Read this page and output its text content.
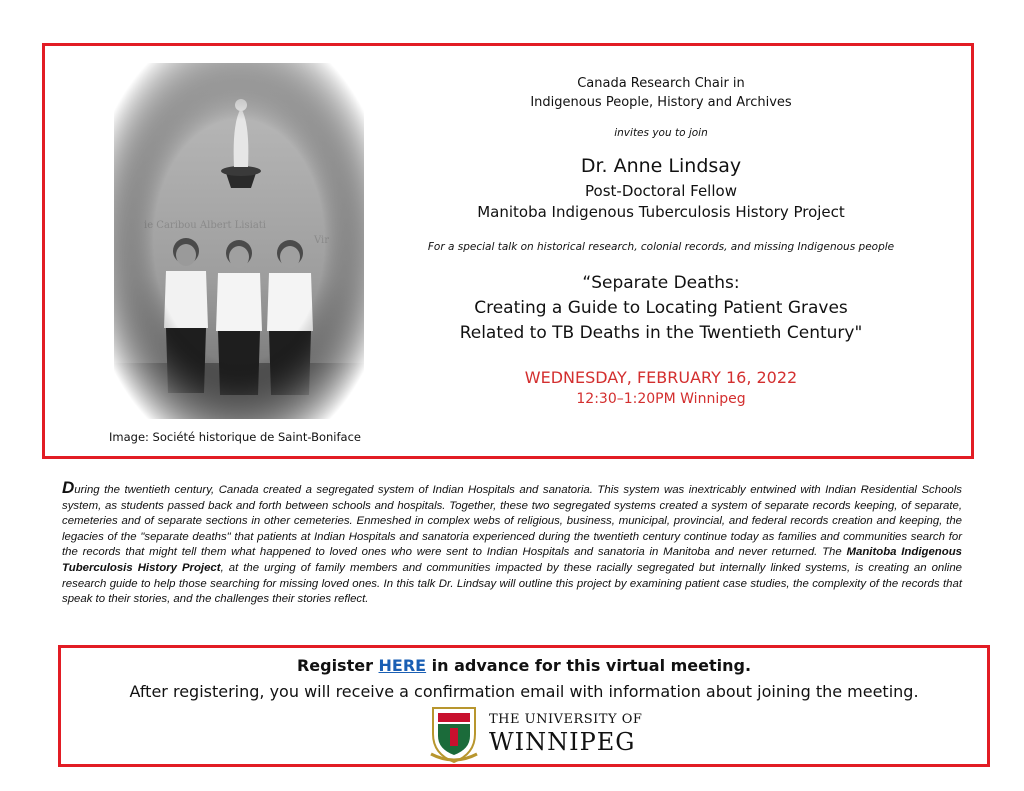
Image: Société historique de Saint-Boniface
Canada Research Chair in
Indigenous People, History and Archives
invites you to join
Dr. Anne Lindsay
Post-Doctoral Fellow
Manitoba Indigenous Tuberculosis History Project
For a special talk on historical research, colonial records, and missing Indigenous people
“Separate Deaths:
Creating a Guide to Locating Patient Graves
Related to TB Deaths in the Twentieth Century"
WEDNESDAY, FEBRUARY 16, 2022
12:30–1:20PM Winnipeg
During the twentieth century, Canada created a segregated system of Indian Hospitals and sanatoria. This system was inextricably entwined with Indian Residential Schools system, as students passed back and forth between schools and hospitals. Together, these two segregated systems created a system of separate records keeping, of separate, cemeteries and of separate sections in other cemeteries. Enmeshed in complex webs of religious, business, municipal, provincial, and federal records creation and keeping, the legacies of the "separate deaths" that patients at Indian Hospitals and sanatoria experienced during the twentieth century continue today as families and communities search for the records that might tell them what happened to loved ones who were sent to Indian Hospitals and sanatoria in Manitoba and never returned. The Manitoba Indigenous Tuberculosis History Project, at the urging of family members and communities impacted by these racially segregated but internally linked systems, is creating an online research guide to help those searching for missing loved ones. In this talk Dr. Lindsay will outline this project by examining patient case studies, the complexity of the records that speak to their stories, and the challenges their stories reflect.
Register HERE in advance for this virtual meeting.
After registering, you will receive a confirmation email with information about joining the meeting.
THE UNIVERSITY OF
WINNIPEG
